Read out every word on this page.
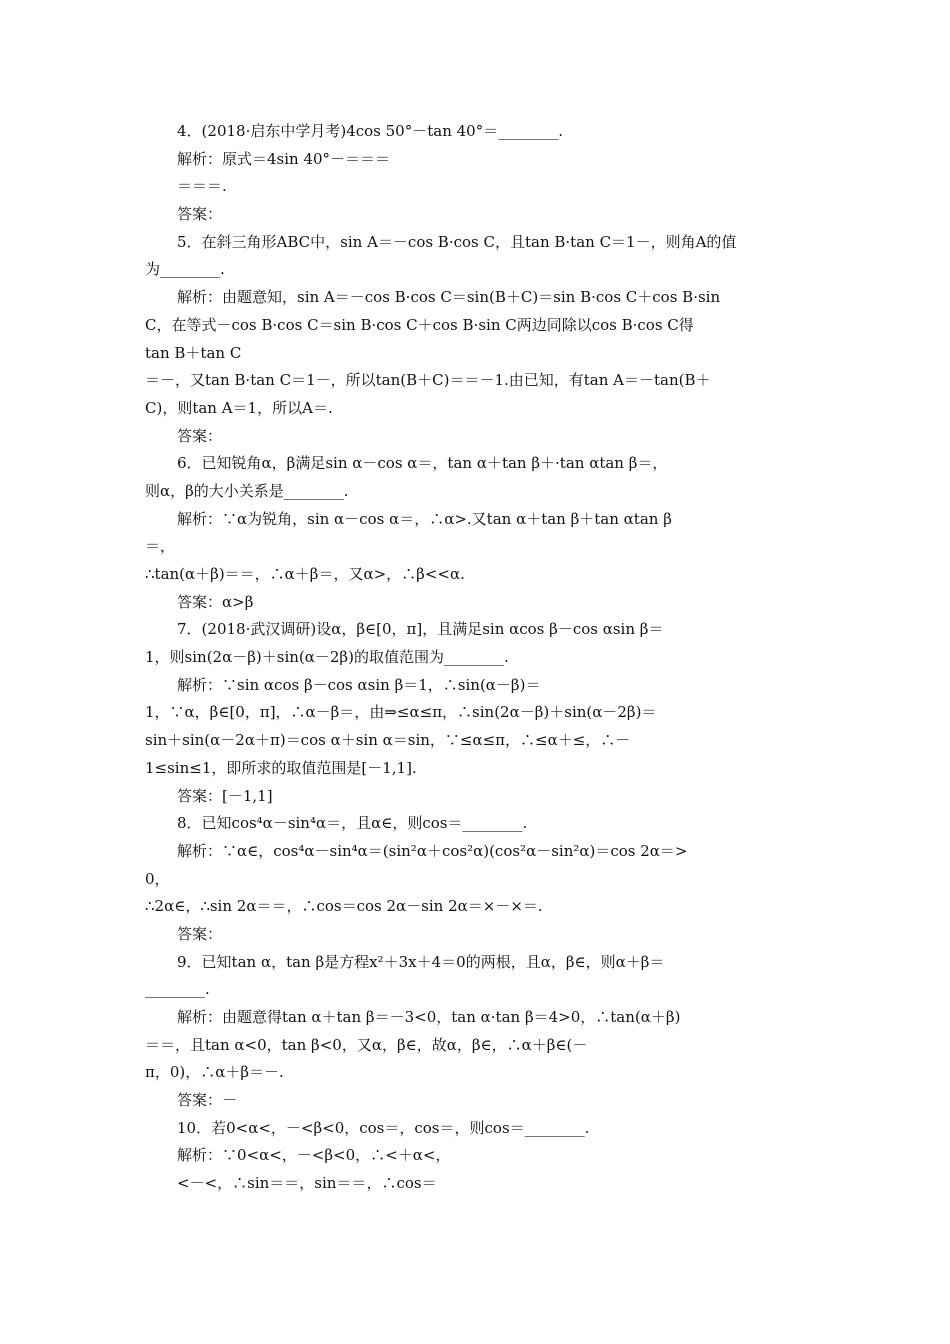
4．(2018·启东中学月考)4cos 50°－tan 40°＝________.
解析：原式＝4sin 40°－＝＝＝
＝＝＝.
答案：
5．在斜三角形ABC中，sin A＝－cos B·cos C，且tan B·tan C＝1－，则角A的值
为________.
解析：由题意知，sin A＝－cos B·cos C＝sin(B＋C)＝sin B·cos C＋cos B·sin
C，在等式－cos B·cos C＝sin B·cos C＋cos B·sin C两边同除以cos B·cos C得
tan B＋tan C
＝－，又tan B·tan C＝1－，所以tan(B＋C)＝＝－1.由已知，有tan A＝－tan(B＋
C)，则tan A＝1，所以A＝.
答案：
6．已知锐角α，β满足sin α－cos α＝，tan α＋tan β＋·tan αtan β＝，
则α，β的大小关系是________.
解析：∵α为锐角，sin α－cos α＝，∴α>.又tan α＋tan β＋tan αtan β
＝，
∴tan(α＋β)＝＝，∴α＋β＝，又α>，∴β<<α.
答案：α>β
7．(2018·武汉调研)设α，β∈[0，π]，且满足sin αcos β－cos αsin β＝
1，则sin(2α－β)＋sin(α－2β)的取值范围为________.
解析：∵sin αcos β－cos αsin β＝1，∴sin(α－β)＝
1，∵α，β∈[0，π]，∴α－β＝，由⇒≤α≤π，∴sin(2α－β)＋sin(α－2β)＝
sin＋sin(α－2α＋π)＝cos α＋sin α＝sin，∵≤α≤π，∴≤α＋≤，∴－
1≤sin≤1，即所求的取值范围是[－1,1].
答案：[－1,1]
8．已知cos⁴α－sin⁴α＝，且α∈，则cos＝________.
解析：∵α∈，cos⁴α－sin⁴α＝(sin²α＋cos²α)(cos²α－sin²α)＝cos 2α＝>
0，
∴2α∈，∴sin 2α＝＝，∴cos＝cos 2α－sin 2α＝×－×＝.
答案：
9．已知tan α，tan β是方程x²＋3x＋4＝0的两根，且α，β∈，则α＋β＝
________.
解析：由题意得tan α＋tan β＝－3<0，tan α·tan β＝4>0，∴tan(α＋β)
＝＝，且tan α<0，tan β<0，又α，β∈，故α，β∈，∴α＋β∈(－
π，0)，∴α＋β＝－.
答案：－
10．若0<α<，－<β<0，cos＝，cos＝，则cos＝________.
解析：∵0<α<，－<β<0，∴<＋α<，
<－<，∴sin＝＝，sin＝＝，∴cos＝
